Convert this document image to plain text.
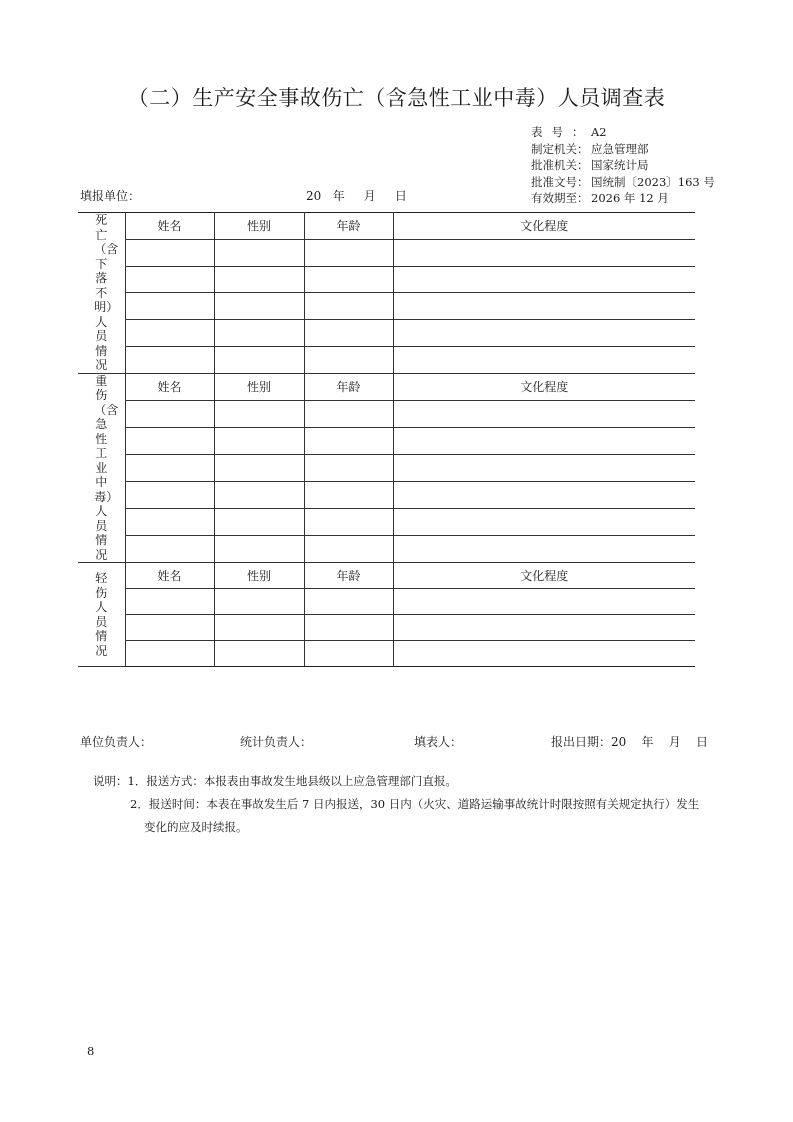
（二）生产安全事故伤亡（含急性工业中毒）人员调查表
表号：A2
制定机关： 应急管理部
批准机关： 国家统计局
批准文号： 国统制〔2023〕163 号
有效期至： 2026 年 12 月
填报单位：	20   年     月     日
死亡（含下落不明）人员情况	姓名	性别	年龄	文化程度

重伤（含急性工业中毒）人员情况	姓名	性别	年龄	文化程度

轻伤人员情况	姓名	性别	年龄	文化程度

单位负责人：	统计负责人：	填表人：	报出日期：20    年    月    日
说明：1．报送方式：本报表由事故发生地县级以上应急管理部门直报。
2．报送时间：本表在事故发生后 7 日内报送，30 日内（火灾、道路运输事故统计时限按照有关规定执行）发生
变化的应及时续报。
8
